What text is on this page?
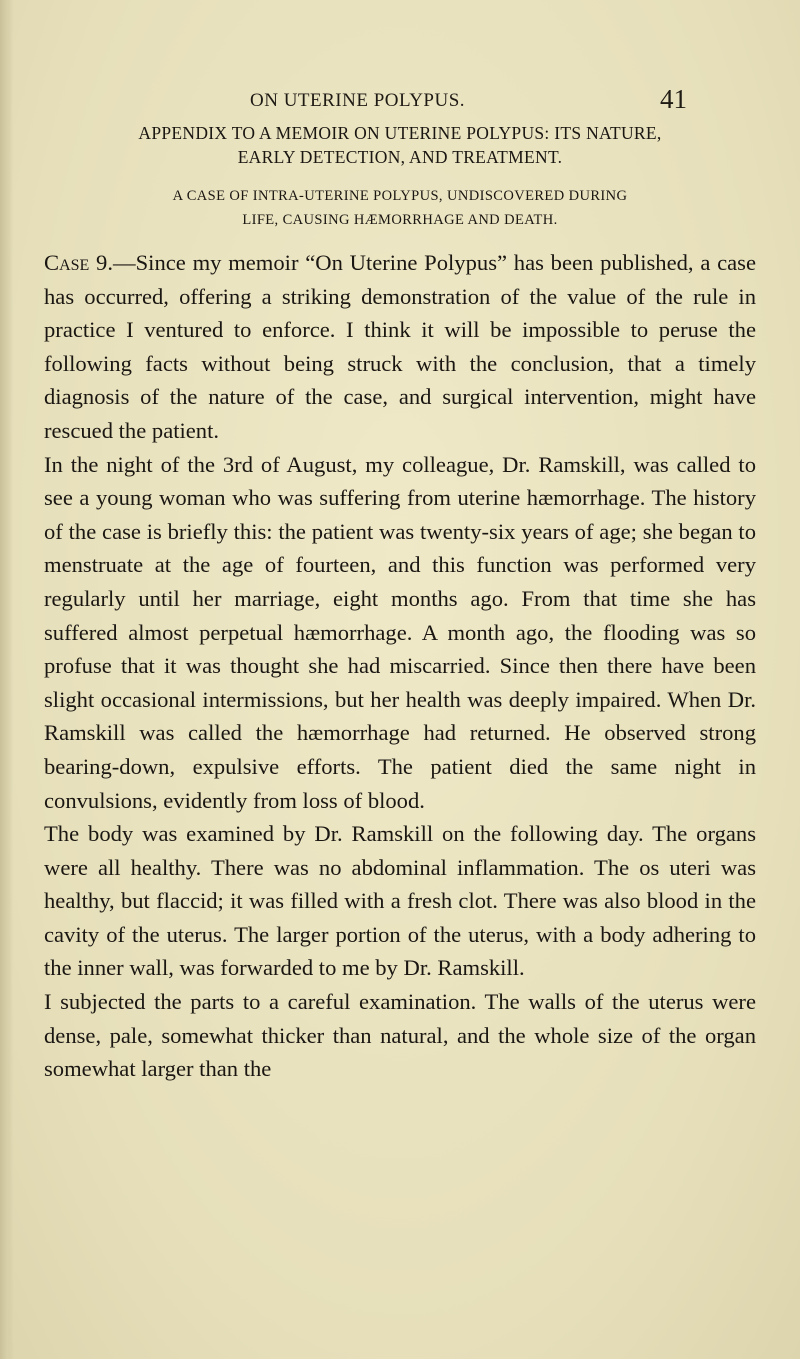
ON UTERINE POLYPUS.	41
APPENDIX TO A MEMOIR ON UTERINE POLYPUS: ITS NATURE,
EARLY DETECTION, AND TREATMENT.
A CASE OF INTRA-UTERINE POLYPUS, UNDISCOVERED DURING
LIFE, CAUSING HÆMORRHAGE AND DEATH.

Case 9.—Since my memoir “On Uterine Polypus” has been published, a case has occurred, offering a striking demonstration of the value of the rule in practice I ventured to enforce. I think it will be impossible to peruse the following facts without being struck with the conclusion, that a timely diagnosis of the nature of the case, and surgical intervention, might have rescued the patient.

In the night of the 3rd of August, my colleague, Dr. Ramskill, was called to see a young woman who was suffering from uterine hæmorrhage. The history of the case is briefly this: the patient was twenty-six years of age; she began to menstruate at the age of fourteen, and this function was performed very regularly until her marriage, eight months ago. From that time she has suffered almost perpetual hæmorrhage. A month ago, the flooding was so profuse that it was thought she had miscarried. Since then there have been slight occasional intermissions, but her health was deeply impaired. When Dr. Ramskill was called the hæmorrhage had returned. He observed strong bearing-down, expulsive efforts. The patient died the same night in convulsions, evidently from loss of blood.

The body was examined by Dr. Ramskill on the following day. The organs were all healthy. There was no abdominal inflammation. The os uteri was healthy, but flaccid; it was filled with a fresh clot. There was also blood in the cavity of the uterus. The larger portion of the uterus, with a body adhering to the inner wall, was forwarded to me by Dr. Ramskill.

I subjected the parts to a careful examination. The walls of the uterus were dense, pale, somewhat thicker than natural, and the whole size of the organ somewhat larger than the
